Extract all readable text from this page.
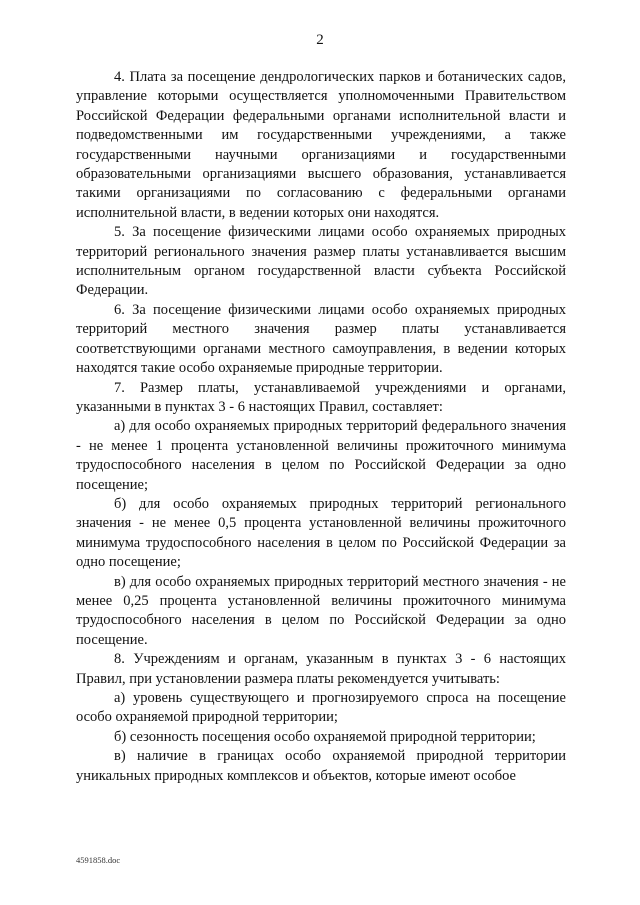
2

4. Плата за посещение дендрологических парков и ботанических садов, управление которыми осуществляется уполномоченными Правительством Российской Федерации федеральными органами исполнительной власти и подведомственными им государственными учреждениями, а также государственными научными организациями и государственными образовательными организациями высшего образования, устанавливается такими организациями по согласованию с федеральными органами исполнительной власти, в ведении которых они находятся.

5. За посещение физическими лицами особо охраняемых природных территорий регионального значения размер платы устанавливается высшим исполнительным органом государственной власти субъекта Российской Федерации.

6. За посещение физическими лицами особо охраняемых природных территорий местного значения размер платы устанавливается соответствующими органами местного самоуправления, в ведении которых находятся такие особо охраняемые природные территории.

7. Размер платы, устанавливаемой учреждениями и органами, указанными в пунктах 3 - 6 настоящих Правил, составляет:

а) для особо охраняемых природных территорий федерального значения - не менее 1 процента установленной величины прожиточного минимума трудоспособного населения в целом по Российской Федерации за одно посещение;

б) для особо охраняемых природных территорий регионального значения - не менее 0,5 процента установленной величины прожиточного минимума трудоспособного населения в целом по Российской Федерации за одно посещение;

в) для особо охраняемых природных территорий местного значения - не менее 0,25 процента установленной величины прожиточного минимума трудоспособного населения в целом по Российской Федерации за одно посещение.

8. Учреждениям и органам, указанным в пунктах 3 - 6 настоящих Правил, при установлении размера платы рекомендуется учитывать:

а) уровень существующего и прогнозируемого спроса на посещение особо охраняемой природной территории;

б) сезонность посещения особо охраняемой природной территории;

в) наличие в границах особо охраняемой природной территории уникальных природных комплексов и объектов, которые имеют особое

4591858.doc
